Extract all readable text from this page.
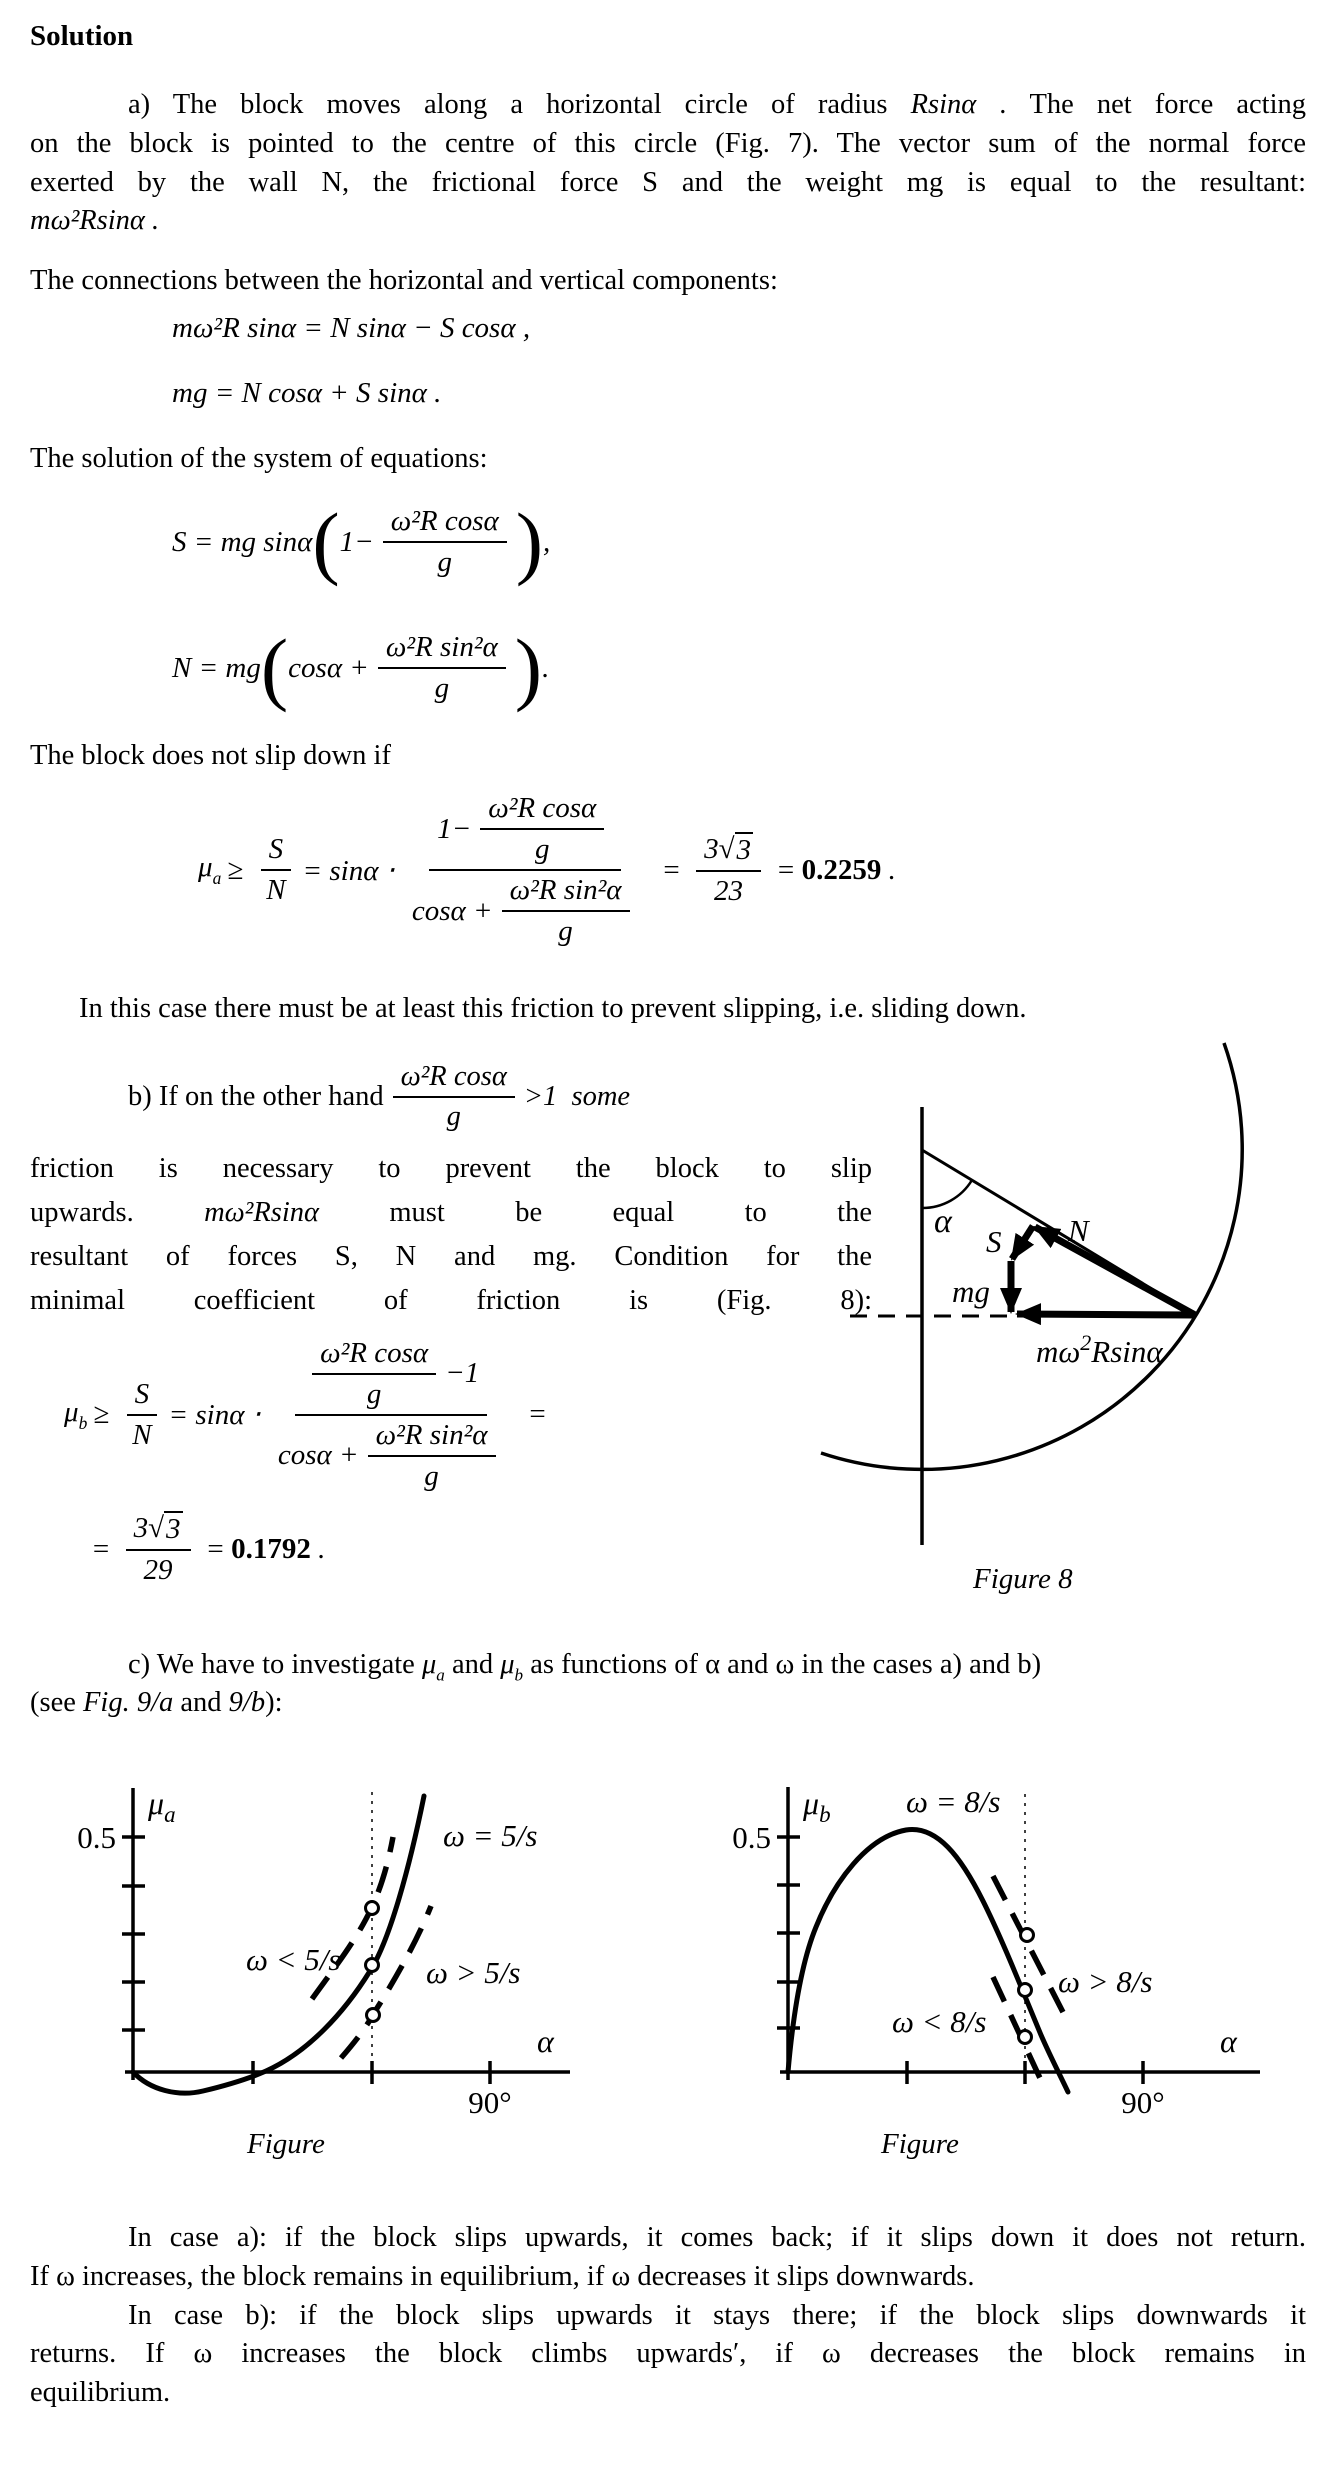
Solution
a) The block moves along a horizontal circle of radius Rsinα . The net force acting
on the block is pointed to the centre of this circle (Fig. 7). The vector sum of the normal force
exerted by the wall N, the frictional force S and the weight mg is equal to the resultant:
mω²Rsinα .
The connections between the horizontal and vertical components:
mω²R sinα = N sinα − S cosα ,
mg = N cosα + S sinα .
The solution of the system of equations:
S = mg sinα ( $1- \frac{\text{ω²R cosα}}{g}$ ) ,
N = mg ( $\cos\alpha + \frac{\text{ω²R sin²α}}{g}$ ) .
The block does not slip down if
$\mu_a \ge \frac{S}{N} = \sin\alpha \cdot \frac{1- \frac{\text{ω²R cosα}}{g}}{\cos\alpha + \frac{\text{ω²R sin²α}}{g}} = \frac{3 √ 3}{23} = 0.2259$ .
In this case there must be at least this friction to prevent slipping, i.e. sliding down.
b) If on the other hand $\frac{\text{ω²R cosα}}{g} >1$  some
friction is necessary to prevent the block to slip
upwards. mω²Rsinα must be equal to the
resultant of forces S, N and mg. Condition for the
minimal coefficient of friction is (Fig. 8):
$\mu_b \ge \frac{S}{N} = \sin\alpha \cdot \frac{\frac{\text{ω²R cosα}}{g} -1}{\cos\alpha + \frac{\text{ω²R sin²α}}{g}}$ =
= $\frac{3 √ 3}{29} = 0.1792$ .
α
S N
mg
$m\omega^2Rsin\alpha$
Figure 8
c) We have to investigate $\mu_a$ and $\mu_b$ as functions of α and ω in the cases a) and b)
(see Fig. 9/a and 9/b):
$\mu_a$
0.5	ω = 5/s
ω < 5/s	ω > 5/s
90°
α
Figure
$\mu_b$
0.5
ω = 8/s
ω > 8/s
ω < 8/s
90°
α
Figure
In case a): if the block slips upwards, it comes back; if it slips down it does not return.
If ω increases, the block remains in equilibrium, if ω decreases it slips downwards.
In case b): if the block slips upwards it stays there; if the block slips downwards it
returns. If ω increases the block climbs upwards′, if ω decreases the block remains in
equilibrium.
